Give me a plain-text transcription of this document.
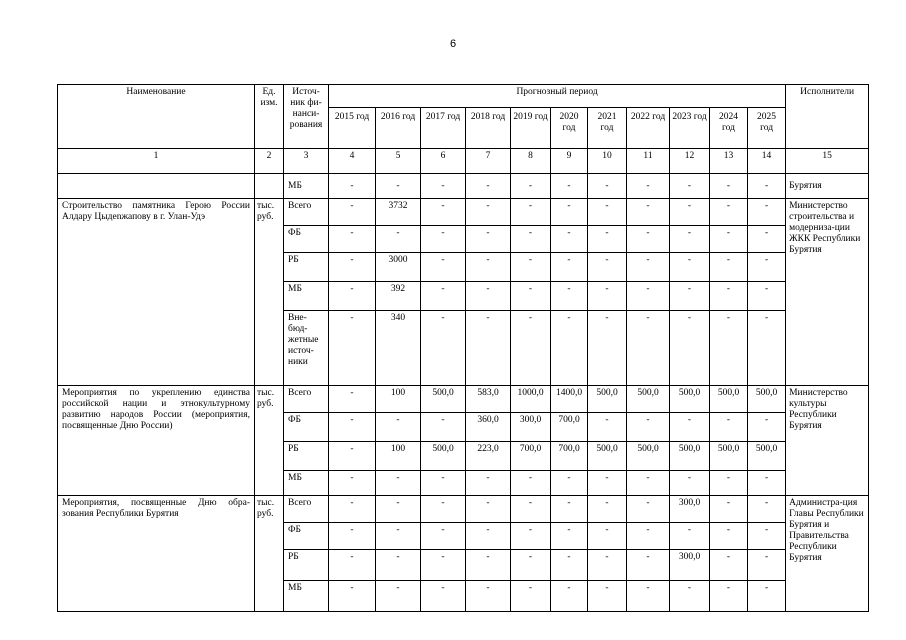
6
Наименование	Ед. изм.	Источ-ник фи-нанси-рования	Прогнозный период											Исполнители
			2015 год	2016 год	2017 год	2018 год	2019 год	2020 год	2021 год	2022 год	2023 год	2024 год	2025 год	
1	2	3	4	5	6	7	8	9	10	11	12	13	14	15
		МБ	-	-	-	-	-	-	-	-	-	-	-	Бурятия
Строительство памятника Герою России Алдару Цыдenжапову в г. Улан-Удэ	тыс. руб.	Всего	-	3732	-	-	-	-	-	-	-	-	-	Министерство строительства и модерниза-ции ЖКК Республики Бурятия
		ФБ	-	-	-	-	-	-	-	-	-	-	-	
		РБ	-	3000	-	-	-	-	-	-	-	-	-	
		МБ	-	392	-	-	-	-	-	-	-	-	-	
		Вне-бюд-жетные источ-ники	-	340	-	-	-	-	-	-	-	-	-	
Мероприятия по укреплению единства российской нации и этнокультурному развитию народов России (мероприятия, посвященные Дню России)	тыс. руб.	Всего	-	100	500,0	583,0	1000,0	1400,0	500,0	500,0	500,0	500,0	500,0	Министерство культуры Республики Бурятия
		ФБ	-	-	-	360,0	300,0	700,0	-	-	-	-	-	
		РБ	-	100	500,0	223,0	700,0	700,0	500,0	500,0	500,0	500,0	500,0	
		МБ	-	-	-	-	-	-	-	-	-	-	-	
Мероприятия, посвященные Дню обра-зования Республики Бурятия	тыс. руб.	Всего	-	-	-	-	-	-	-	-	300,0	-	-	Администра-ция Главы Республики Бурятия и Правительства Республики Бурятия
		ФБ	-	-	-	-	-	-	-	-	-	-	-	
		РБ	-	-	-	-	-	-	-	-	300,0	-	-	
		МБ	-	-	-	-	-	-	-	-	-	-	-	
